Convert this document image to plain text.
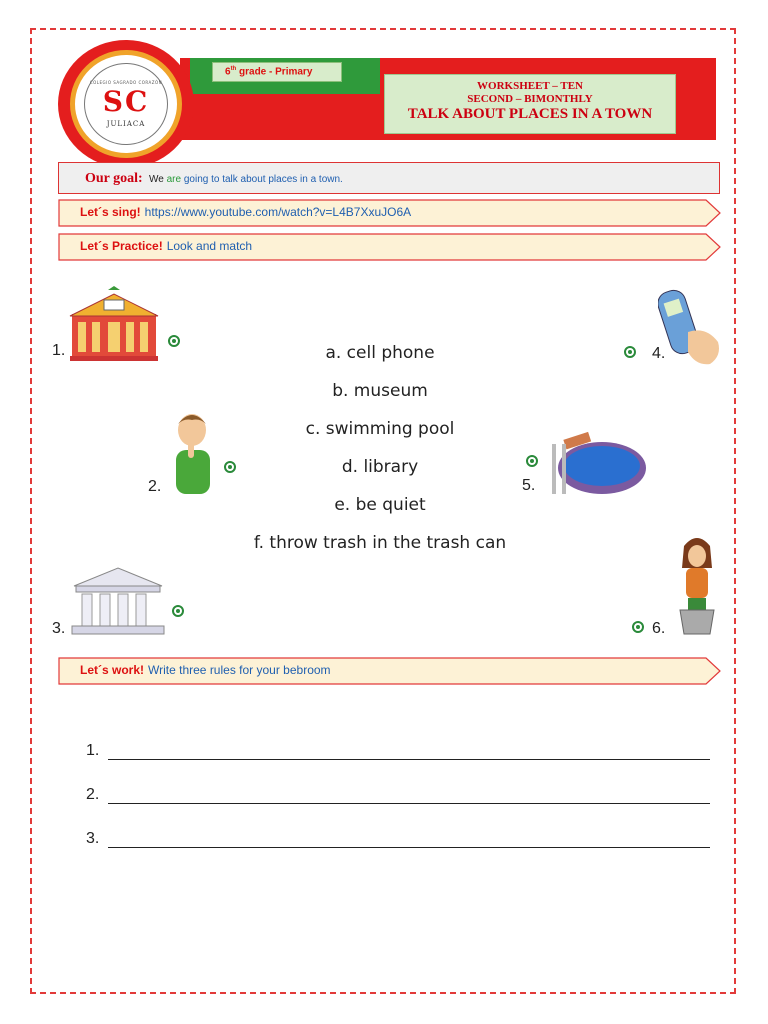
6th grade - Primary
WORKSHEET – TEN
SECOND – BIMONTHLY
TALK ABOUT PLACES IN A TOWN
COLEGIO SAGRADO CORAZÓN
SC
JULIACA
Our goal: We are going to talk about places in a town.
Let´s sing! https://www.youtube.com/watch?v=L4B7XxuJO6A
Let´s Practice! Look and match
1.
2.
3.
4.
5.
6.
a. cell phone
b. museum
c. swimming pool
d. library
e. be quiet
f. throw trash in the trash can
Let´s work! Write three rules for your bebroom
1.
2.
3.
